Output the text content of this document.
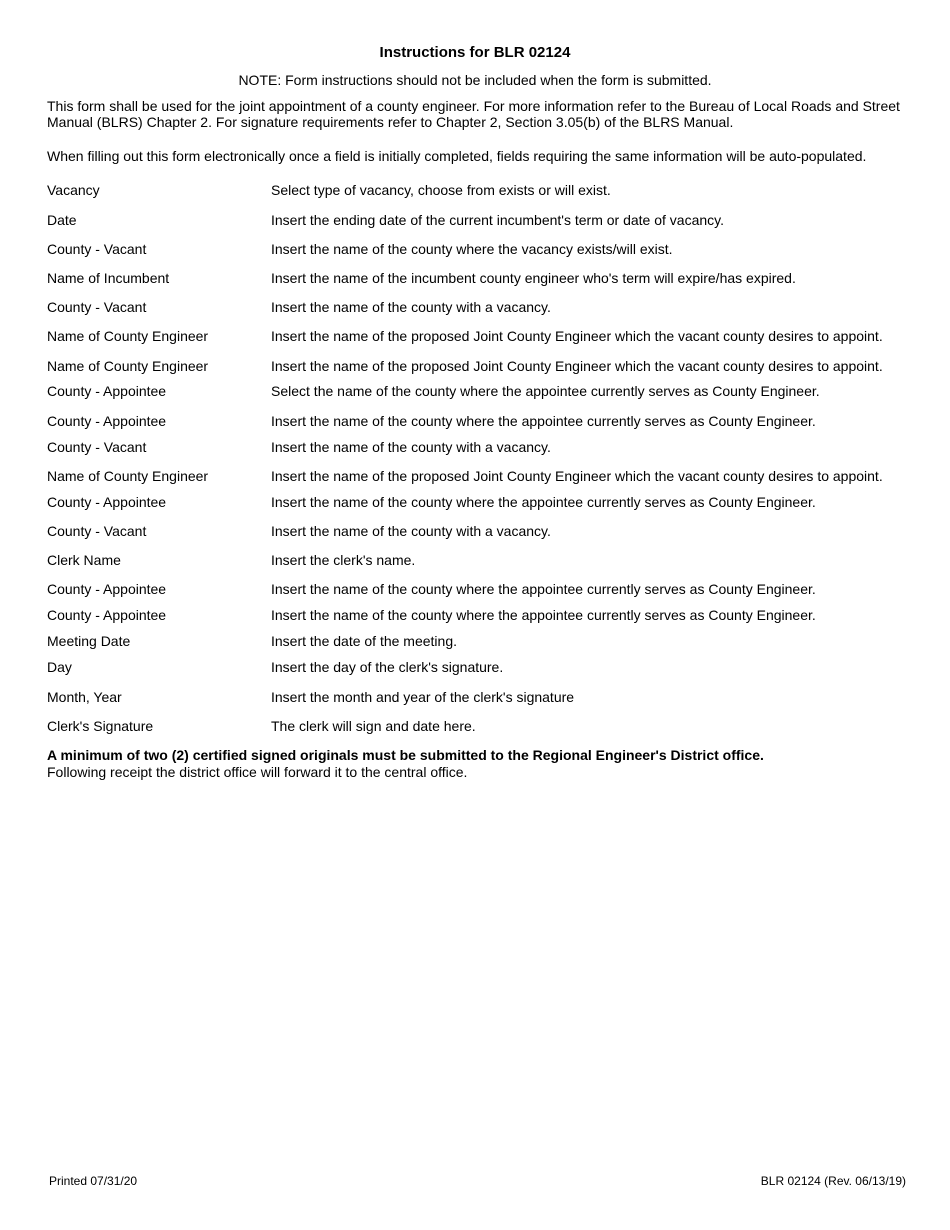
Instructions for BLR 02124
NOTE: Form instructions should not be included when the form is submitted.
This form shall be used for the joint appointment of a county engineer. For more information refer to the Bureau of Local Roads and Street Manual (BLRS) Chapter 2. For signature requirements refer to Chapter 2, Section 3.05(b) of the BLRS Manual.
When filling out this form electronically once a field is initially completed, fields requiring the same information will be auto-populated.
Vacancy	Select type of vacancy, choose from exists or will exist.
Date	Insert the ending date of the current incumbent's term or date of vacancy.
County - Vacant	Insert the name of the county where the vacancy exists/will exist.
Name of Incumbent	Insert the name of the incumbent county engineer who's term will expire/has expired.
County - Vacant	Insert the name of the county with a vacancy.
Name of County Engineer	Insert the name of the proposed Joint County Engineer which the vacant county desires to appoint.
Name of County Engineer	Insert the name of the proposed Joint County Engineer which the vacant county desires to appoint.
County - Appointee	Select the name of the county where the appointee currently serves as County Engineer.
County - Appointee	Insert the name of the county where the appointee currently serves as County Engineer.
County - Vacant	Insert the name of the county with a vacancy.
Name of County Engineer	Insert the name of the proposed Joint County Engineer which the vacant county desires to appoint.
County - Appointee	Insert the name of the county where the appointee currently serves as County Engineer.
County - Vacant	Insert the name of the county with a vacancy.
Clerk Name	Insert the clerk's name.
County - Appointee	Insert the name of the county where the appointee currently serves as County Engineer.
County - Appointee	Insert the name of the county where the appointee currently serves as County Engineer.
Meeting Date	Insert the date of the meeting.
Day	Insert the day of the clerk's signature.
Month, Year	Insert the month and year of the clerk's signature
Clerk's Signature	The clerk will sign and date here.
A minimum of two (2) certified signed originals must be submitted to the Regional Engineer's District office.
Following receipt the district office will forward it to the central office.
Printed 07/31/20	BLR 02124 (Rev. 06/13/19)
